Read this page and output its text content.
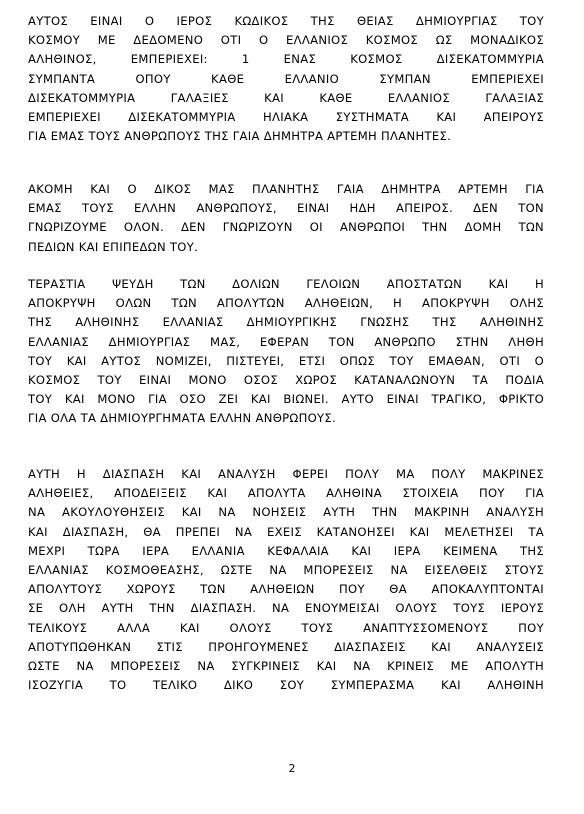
ΑΥΤΟΣ ΕΙΝΑΙ Ο ΙΕΡΟΣ ΚΩΔΙΚΟΣ ΤΗΣ ΘΕΙΑΣ ΔΗΜΙΟΥΡΓΙΑΣ ΤΟΥ
ΚΟΣΜΟΥ ΜΕ ΔΕΔΟΜΕΝΟ ΟΤΙ Ο ΕΛΛΑΝΙΟΣ ΚΟΣΜΟΣ ΩΣ ΜΟΝΑΔΙΚΟΣ
ΑΛΗΘΙΝΟΣ, ΕΜΠΕΡΙΕΧΕΙ: 1 ΕΝΑΣ ΚΟΣΜΟΣ ΔΙΣΕΚΑΤΟΜΜΥΡΙΑ
ΣΥΜΠΑΝΤΑ ΟΠΟΥ ΚΑΘΕ ΕΛΛΑΝΙΟ ΣΥΜΠΑΝ ΕΜΠΕΡΙΕΧΕΙ
ΔΙΣΕΚΑΤΟΜΜΥΡΙΑ ΓΑΛΑΞΙΕΣ ΚΑΙ ΚΑΘΕ ΕΛΛΑΝΙΟΣ ΓΑΛΑΞΙΑΣ
ΕΜΠΕΡΙΕΧΕΙ ΔΙΣΕΚΑΤΟΜΜΥΡΙΑ ΗΛΙΑΚΑ ΣΥΣΤΗΜΑΤΑ ΚΑΙ ΑΠΕΙΡΟΥΣ
ΓΙΑ ΕΜΑΣ ΤΟΥΣ ΑΝΘΡΩΠΟΥΣ ΤΗΣ ΓΑΙΑ ΔΗΜΗΤΡΑ ΑΡΤΕΜΗ ΠΛΑΝΗΤΕΣ.
ΑΚΟΜΗ ΚΑΙ Ο ΔΙΚΟΣ ΜΑΣ ΠΛΑΝΗΤΗΣ ΓΑΙΑ ΔΗΜΗΤΡΑ ΑΡΤΕΜΗ ΓΙΑ
ΕΜΑΣ ΤΟΥΣ ΕΛΛΗΝ ΑΝΘΡΩΠΟΥΣ, ΕΙΝΑΙ ΗΔΗ ΑΠΕΙΡΟΣ. ΔΕΝ ΤΟΝ
ΓΝΩΡΙΖΟΥΜΕ ΟΛΟΝ. ΔΕΝ ΓΝΩΡΙΖΟΥΝ ΟΙ ΑΝΘΡΩΠΟΙ ΤΗΝ ΔΟΜΗ ΤΩΝ
ΠΕΔΙΩΝ ΚΑΙ ΕΠΙΠΕΔΩΝ ΤΟΥ.
ΤΕΡΑΣΤΙΑ ΨΕΥΔΗ ΤΩΝ ΔΟΛΙΩΝ ΓΕΛΟΙΩΝ ΑΠΟΣΤΑΤΩΝ ΚΑΙ Η
ΑΠΟΚΡΥΨΗ ΟΛΩΝ ΤΩΝ ΑΠΟΛΥΤΩΝ ΑΛΗΘΕΙΩΝ, Η ΑΠΟΚΡΥΨΗ ΟΛΗΣ
ΤΗΣ ΑΛΗΘΙΝΗΣ ΕΛΛΑΝΙΑΣ ΔΗΜΙΟΥΡΓΙΚΗΣ ΓΝΩΣΗΣ ΤΗΣ ΑΛΗΘΙΝΗΣ
ΕΛΛΑΝΙΑΣ ΔΗΜΙΟΥΡΓΙΑΣ ΜΑΣ, ΕΦΕΡΑΝ ΤΟΝ ΑΝΘΡΩΠΟ ΣΤΗΝ ΛΗΘΗ
ΤΟΥ ΚΑΙ ΑΥΤΟΣ ΝΟΜΙΖΕΙ, ΠΙΣΤΕΥΕΙ, ΕΤΣΙ ΟΠΩΣ ΤΟΥ ΕΜΑΘΑΝ, ΟΤΙ Ο
ΚΟΣΜΟΣ ΤΟΥ ΕΙΝΑΙ ΜΟΝΟ ΟΣΟΣ ΧΩΡΟΣ ΚΑΤΑΝΑΛΩΝΟΥΝ ΤΑ ΠΟΔΙΑ
ΤΟΥ ΚΑΙ ΜΟΝΟ ΓΙΑ ΟΣΟ ΖΕΙ ΚΑΙ ΒΙΩΝΕΙ. ΑΥΤΟ ΕΙΝΑΙ ΤΡΑΓΙΚΟ, ΦΡΙΚΤΟ
ΓΙΑ ΟΛΑ ΤΑ ΔΗΜΙΟΥΡΓΗΜΑΤΑ ΕΛΛΗΝ ΑΝΘΡΩΠΟΥΣ.
ΑΥΤΗ Η ΔΙΑΣΠΑΣΗ ΚΑΙ ΑΝΑΛΥΣΗ ΦΕΡΕΙ ΠΟΛΥ ΜΑ ΠΟΛΥ ΜΑΚΡΙΝΕΣ
ΑΛΗΘΕΙΕΣ, ΑΠΟΔΕΙΞΕΙΣ ΚΑΙ ΑΠΟΛΥΤΑ ΑΛΗΘΙΝΑ ΣΤΟΙΧΕΙΑ ΠΟΥ ΓΙΑ
ΝΑ ΑΚΟΥΛΟΥΘΗΣΕΙΣ ΚΑΙ ΝΑ ΝΟΗΣΕΙΣ ΑΥΤΗ ΤΗΝ ΜΑΚΡΙΝΗ ΑΝΑΛΥΣΗ
ΚΑΙ ΔΙΑΣΠΑΣΗ, ΘΑ ΠΡΕΠΕΙ ΝΑ ΕΧΕΙΣ ΚΑΤΑΝΟΗΣΕΙ ΚΑΙ ΜΕΛΕΤΗΣΕΙ ΤΑ
ΜΕΧΡΙ ΤΩΡΑ ΙΕΡΑ ΕΛΛΑΝΙΑ ΚΕΦΑΛΑΙΑ ΚΑΙ ΙΕΡΑ ΚΕΙΜΕΝΑ ΤΗΣ
ΕΛΛΑΝΙΑΣ ΚΟΣΜΟΘΕΑΣΗΣ, ΩΣΤΕ ΝΑ ΜΠΟΡΕΣΕΙΣ ΝΑ ΕΙΣΕΛΘΕΙΣ ΣΤΟΥΣ
ΑΠΟΛΥΤΟΥΣ ΧΩΡΟΥΣ ΤΩΝ ΑΛΗΘΕΙΩΝ ΠΟΥ ΘΑ ΑΠΟΚΑΛΥΠΤΟΝΤΑΙ
ΣΕ ΟΛΗ ΑΥΤΗ ΤΗΝ ΔΙΑΣΠΑΣΗ. ΝΑ ΕΝΟΥΜΕΙΣΑΙ ΟΛΟΥΣ ΤΟΥΣ ΙΕΡΟΥΣ
ΤΕΛΙΚΟΥΣ ΑΛΛΑ ΚΑΙ ΟΛΟΥΣ ΤΟΥΣ ΑΝΑΠΤΥΣΣΟΜΕΝΟΥΣ ΠΟΥ
ΑΠΟΤΥΠΩΘΗΚΑΝ ΣΤΙΣ ΠΡΟΗΓΟΥΜΕΝΕΣ ΔΙΑΣΠΑΣΕΙΣ ΚΑΙ ΑΝΑΛΥΣΕΙΣ
ΩΣΤΕ ΝΑ ΜΠΟΡΕΣΕΙΣ ΝΑ ΣΥΓΚΡΙΝΕΙΣ ΚΑΙ ΝΑ ΚΡΙΝΕΙΣ ΜΕ ΑΠΟΛΥΤΗ
ΙΣΟΖΥΓΙΑ ΤΟ ΤΕΛΙΚΟ ΔΙΚΟ ΣΟΥ ΣΥΜΠΕΡΑΣΜΑ ΚΑΙ ΑΛΗΘΙΝΗ
2
